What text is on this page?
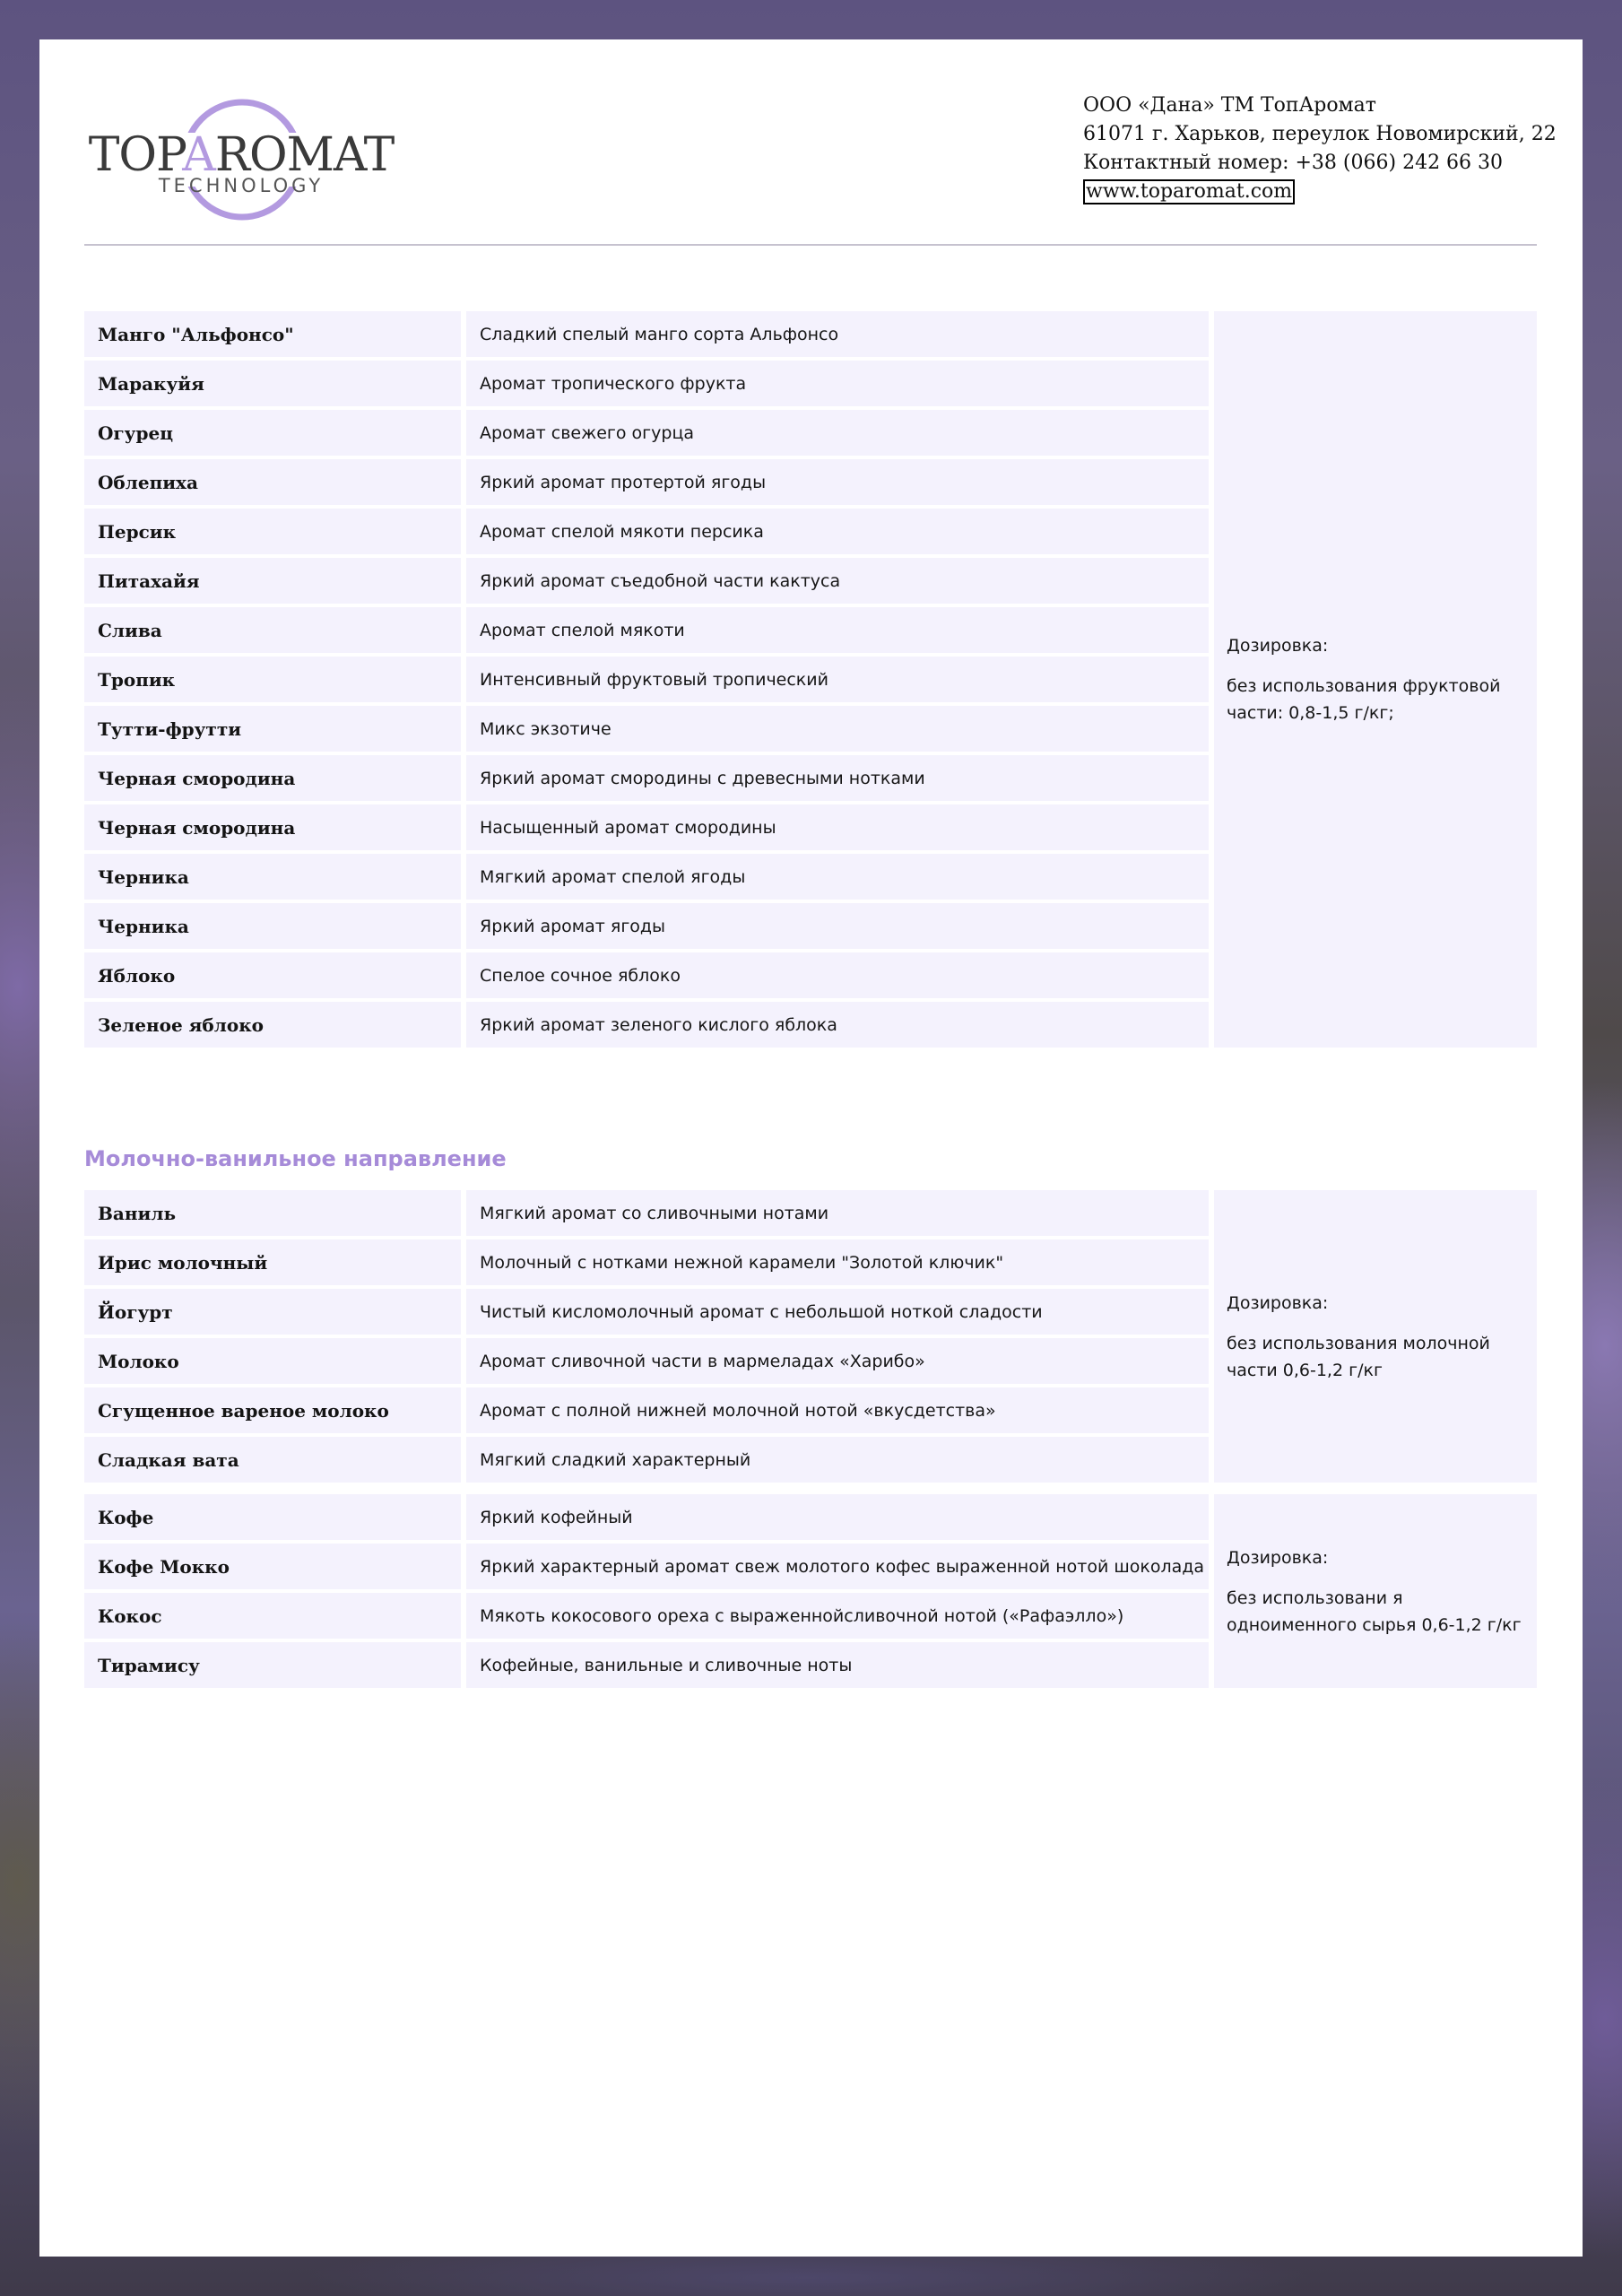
TOPAROMAT
TECHNOLOGY
ООО «Дана» ТМ ТопАромат
61071 г. Харьков, переулок Новомирский, 22
Контактный номер: +38 (066) 242 66 30
www.toparomat.com
Манго "Альфонсо"	Сладкий спелый манго сорта Альфонсо
Маракуйя	Аромат тропического фрукта
Огурец	Аромат свежего огурца
Облепиха	Яркий аромат протертой ягоды
Персик	Аромат спелой мякоти персика
Питахайя	Яркий аромат съедобной части кактуса
Слива	Аромат спелой мякоти
Тропик	Интенсивный фруктовый тропический
Тутти-фрутти	Микс экзотиче
Черная смородина	Яркий аромат смородины с древесными нотками
Черная смородина	Насыщенный аромат смородины
Черника	Мягкий аромат спелой ягоды
Черника	Яркий аромат ягоды
Яблоко	Спелое сочное яблоко
Зеленое яблоко	Яркий аромат зеленого кислого яблока
Дозировка:
без использования фруктовой части: 0,8-1,5 г/кг;
Молочно-ванильное направление
Ваниль	Мягкий аромат со сливочными нотами
Ирис молочный	Молочный с нотками нежной карамели "Золотой ключик"
Йогурт	Чистый кисломолочный аромат с небольшой ноткой сладости
Молоко	Аромат сливочной части в мармеладах «Харибо»
Сгущенное вареное молоко	Аромат с полной нижней молочной нотой «вкусдетства»
Сладкая вата	Мягкий сладкий характерный
Дозировка:
без использования молочной части 0,6-1,2 г/кг
Кофе	Яркий кофейный
Кофе Мокко	Яркий характерный аромат свеж молотого кофес выраженной нотой шоколада
Кокос	Мякоть кокосового ореха с выраженнойсливочной нотой («Рафаэлло»)
Тирамису	Кофейные, ванильные и сливочные ноты
Дозировка:
без использовани я одноименного сырья 0,6-1,2 г/кг
